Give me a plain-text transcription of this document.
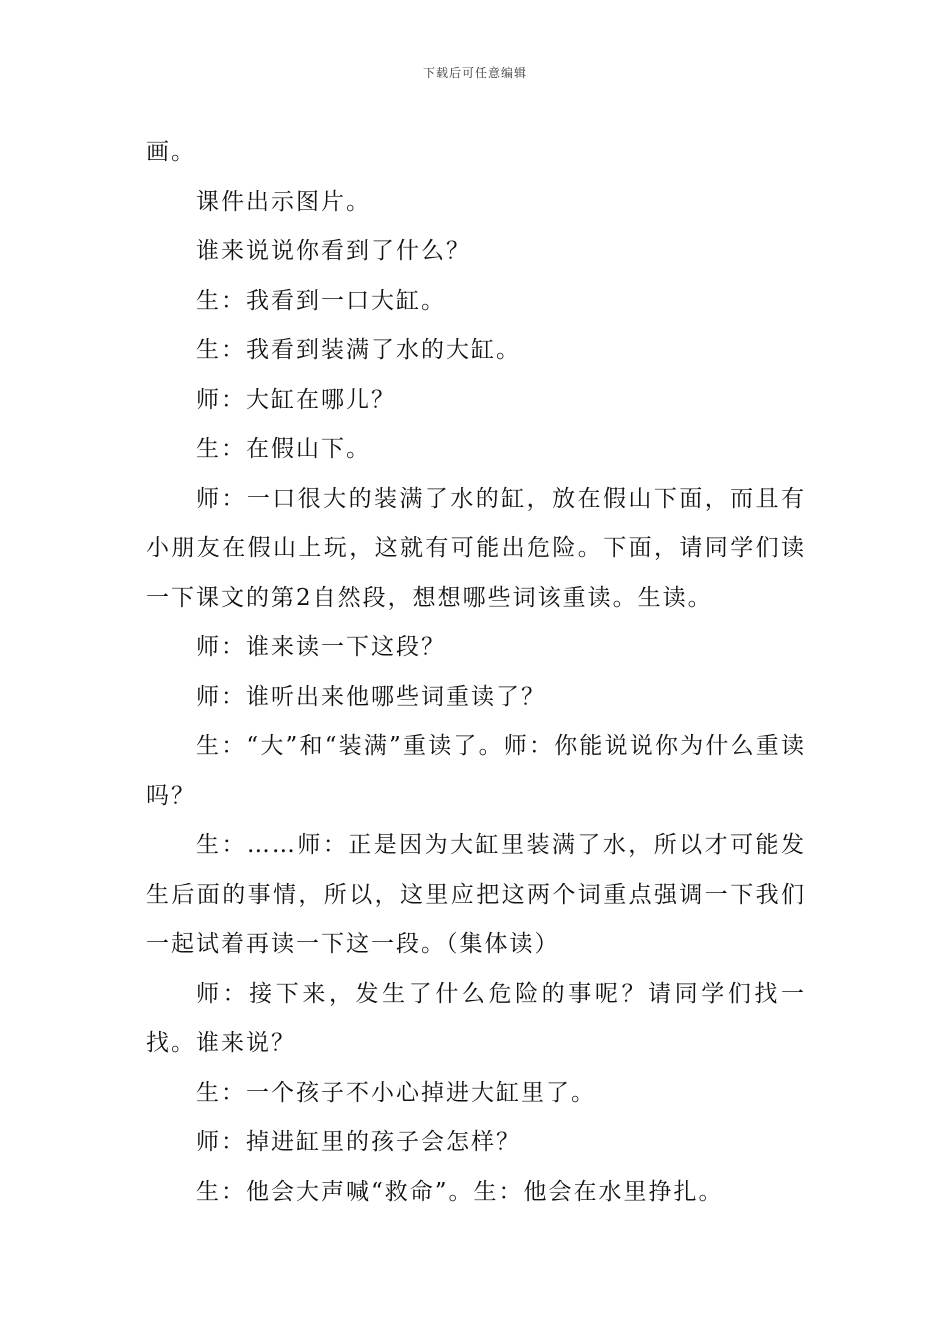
下载后可任意编辑

画。

课件出示图片。

谁来说说你看到了什么？

生：我看到一口大缸。

生：我看到装满了水的大缸。

师：大缸在哪儿？

生：在假山下。

师：一口很大的装满了水的缸，放在假山下面，而且有小朋友在假山上玩，这就有可能出危险。下面，请同学们读一下课文的第2自然段，想想哪些词该重读。生读。

师：谁来读一下这段？

师：谁听出来他哪些词重读了？

生：“大”和“装满”重读了。师：你能说说你为什么重读吗？

生：……师：正是因为大缸里装满了水，所以才可能发生后面的事情，所以，这里应把这两个词重点强调一下我们一起试着再读一下这一段。（集体读）

师：接下来，发生了什么危险的事呢？请同学们找一找。谁来说？

生：一个孩子不小心掉进大缸里了。

师：掉进缸里的孩子会怎样？

生：他会大声喊“救命”。生：他会在水里挣扎。
